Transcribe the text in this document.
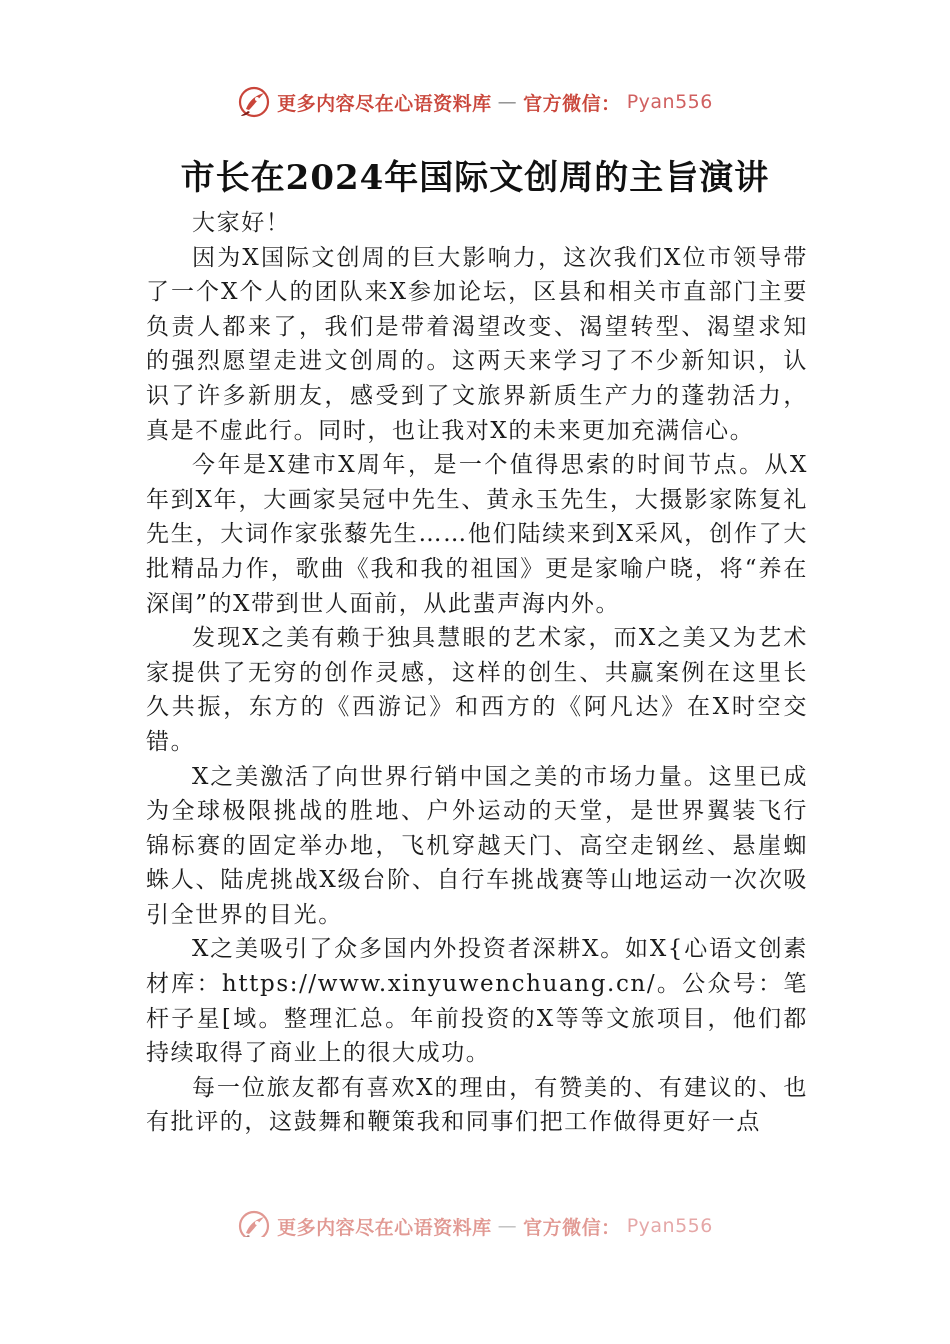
更多内容尽在心语资料库 — 官方微信： Pyan556
市长在2024年国际文创周的主旨演讲

大家好！

因为X国际文创周的巨大影响力，这次我们X位市领导带了一个X个人的团队来X参加论坛，区县和相关市直部门主要负责人都来了，我们是带着渴望改变、渴望转型、渴望求知的强烈愿望走进文创周的。这两天来学习了不少新知识，认识了许多新朋友，感受到了文旅界新质生产力的蓬勃活力，真是不虚此行。同时，也让我对X的未来更加充满信心。

今年是X建市X周年，是一个值得思索的时间节点。从X年到X年，大画家吴冠中先生、黄永玉先生，大摄影家陈复礼先生，大词作家张藜先生……他们陆续来到X采风，创作了大批精品力作，歌曲《我和我的祖国》更是家喻户晓，将“养在深闺”的X带到世人面前，从此蜚声海内外。

发现X之美有赖于独具慧眼的艺术家，而X之美又为艺术家提供了无穷的创作灵感，这样的创生、共赢案例在这里长久共振，东方的《西游记》和西方的《阿凡达》在X时空交错。

X之美激活了向世界行销中国之美的市场力量。这里已成为全球极限挑战的胜地、户外运动的天堂，是世界翼装飞行锦标赛的固定举办地，飞机穿越天门、高空走钢丝、悬崖蜘蛛人、陆虎挑战X级台阶、自行车挑战赛等山地运动一次次吸引全世界的目光。

X之美吸引了众多国内外投资者深耕X。如X{心语文创素材库：https://www.xinyuwenchuang.cn/。公众号：笔杆子星[域。整理汇总。年前投资的X等等文旅项目，他们都持续取得了商业上的很大成功。

每一位旅友都有喜欢X的理由，有赞美的、有建议的、也有批评的，这鼓舞和鞭策我和同事们把工作做得更好一点

更多内容尽在心语资料库 — 官方微信： Pyan556
